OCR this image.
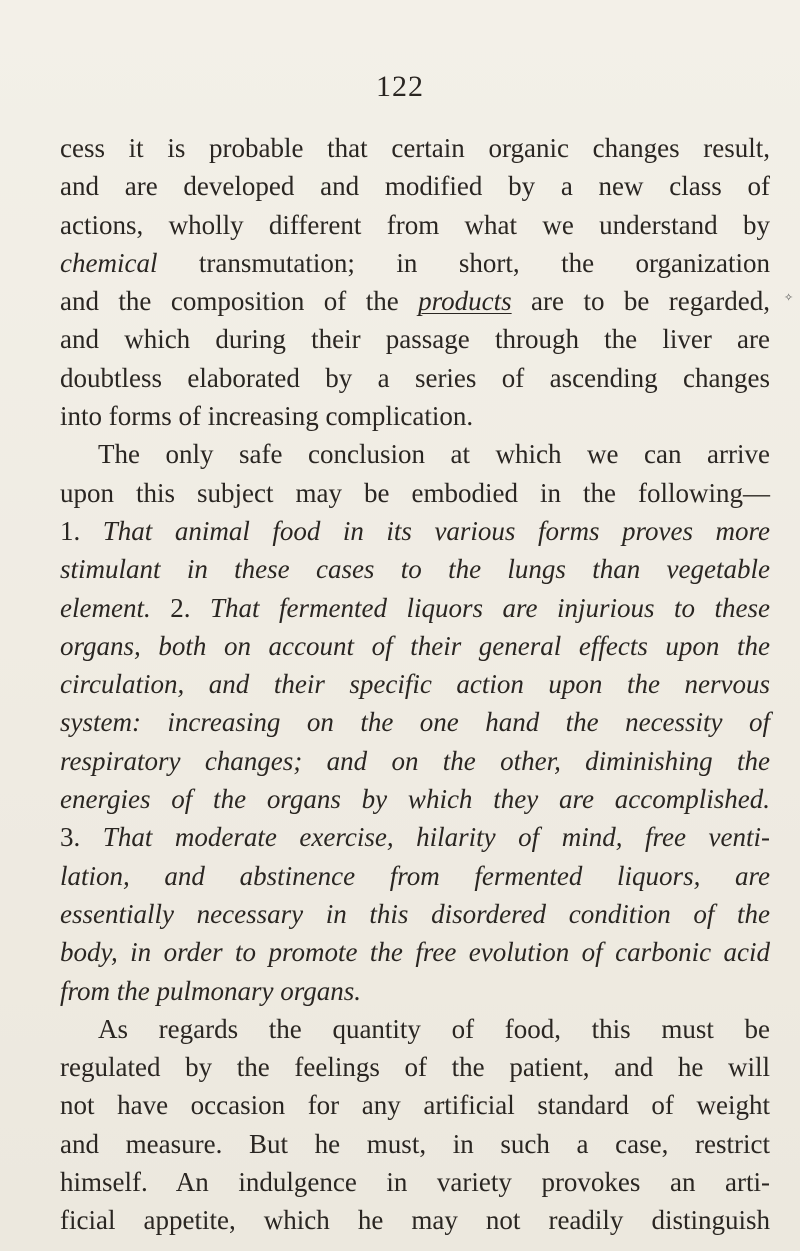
122
✧
cess it is probable that certain organic changes result,
and are developed and modified by a new class of
actions, wholly different from what we understand by
chemical transmutation; in short, the organization
and the composition of the products are to be regarded,
and which during their passage through the liver are
doubtless elaborated by a series of ascending changes
into forms of increasing complication.
The only safe conclusion at which we can arrive
upon this subject may be embodied in the following—
1. That animal food in its various forms proves more
stimulant in these cases to the lungs than vegetable
element. 2. That fermented liquors are injurious to these
organs, both on account of their general effects upon the
circulation, and their specific action upon the nervous
system: increasing on the one hand the necessity of
respiratory changes; and on the other, diminishing the
energies of the organs by which they are accomplished.
3. That moderate exercise, hilarity of mind, free venti-
lation, and abstinence from fermented liquors, are
essentially necessary in this disordered condition of the
body, in order to promote the free evolution of carbonic acid
from the pulmonary organs.
As regards the quantity of food, this must be
regulated by the feelings of the patient, and he will
not have occasion for any artificial standard of weight
and measure. But he must, in such a case, restrict
himself. An indulgence in variety provokes an arti-
ficial appetite, which he may not readily distinguish
